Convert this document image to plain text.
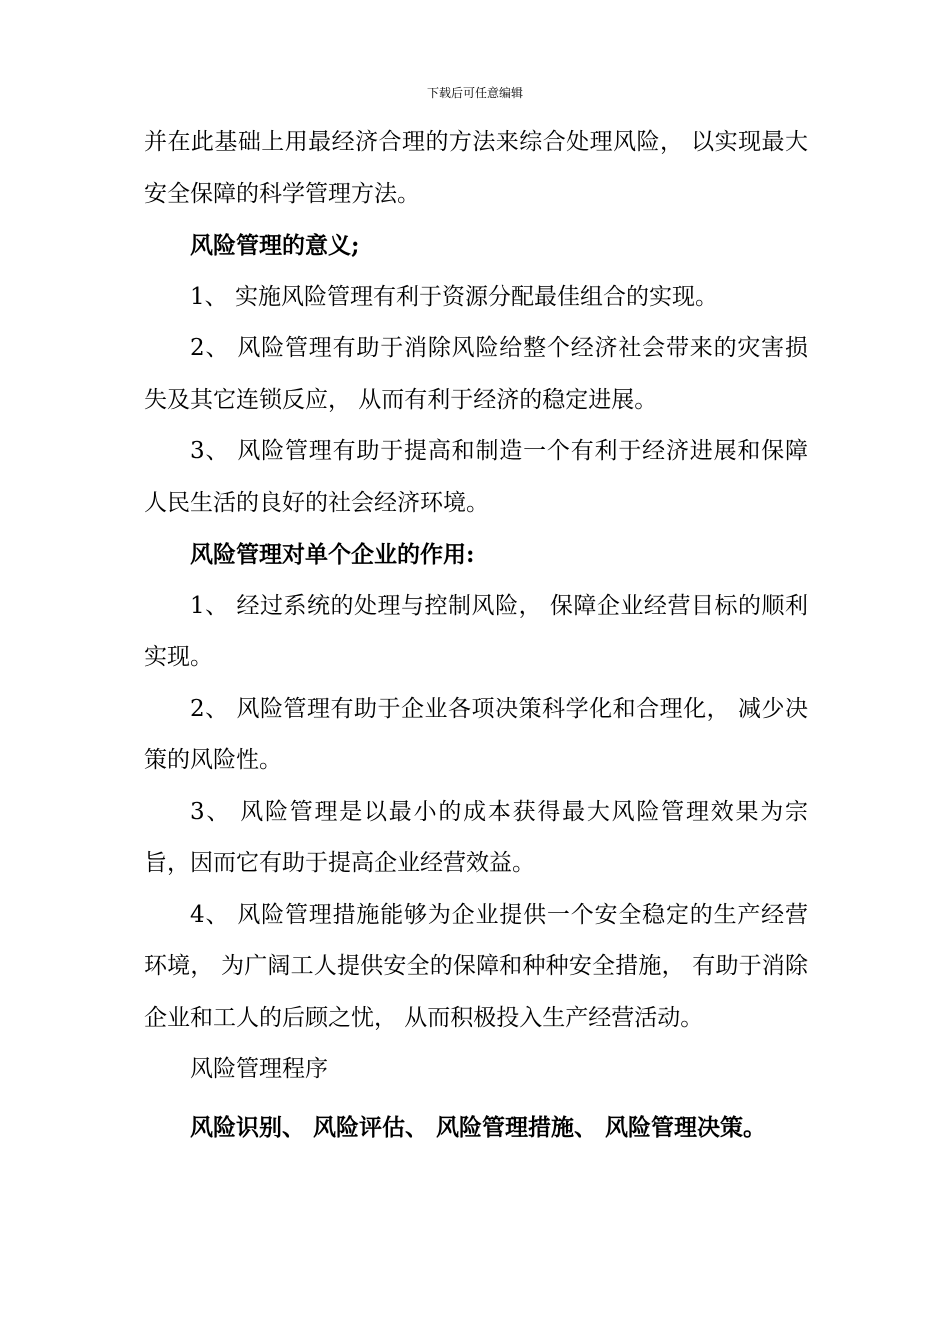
下载后可任意编辑

并在此基础上用最经济合理的方法来综合处理风险， 以实现最大安全保障的科学管理方法。

风险管理的意义;

1、 实施风险管理有利于资源分配最佳组合的实现。

2、 风险管理有助于消除风险给整个经济社会带来的灾害损失及其它连锁反应， 从而有利于经济的稳定进展。

3、 风险管理有助于提高和制造一个有利于经济进展和保障人民生活的良好的社会经济环境。

风险管理对单个企业的作用:

1、 经过系统的处理与控制风险， 保障企业经营目标的顺利实现。

2、 风险管理有助于企业各项决策科学化和合理化， 减少决策的风险性。

3、 风险管理是以最小的成本获得最大风险管理效果为宗旨，因而它有助于提高企业经营效益。

4、 风险管理措施能够为企业提供一个安全稳定的生产经营环境， 为广阔工人提供安全的保障和种种安全措施， 有助于消除企业和工人的后顾之忧， 从而积极投入生产经营活动。

风险管理程序

风险识别、 风险评估、 风险管理措施、 风险管理决策。
